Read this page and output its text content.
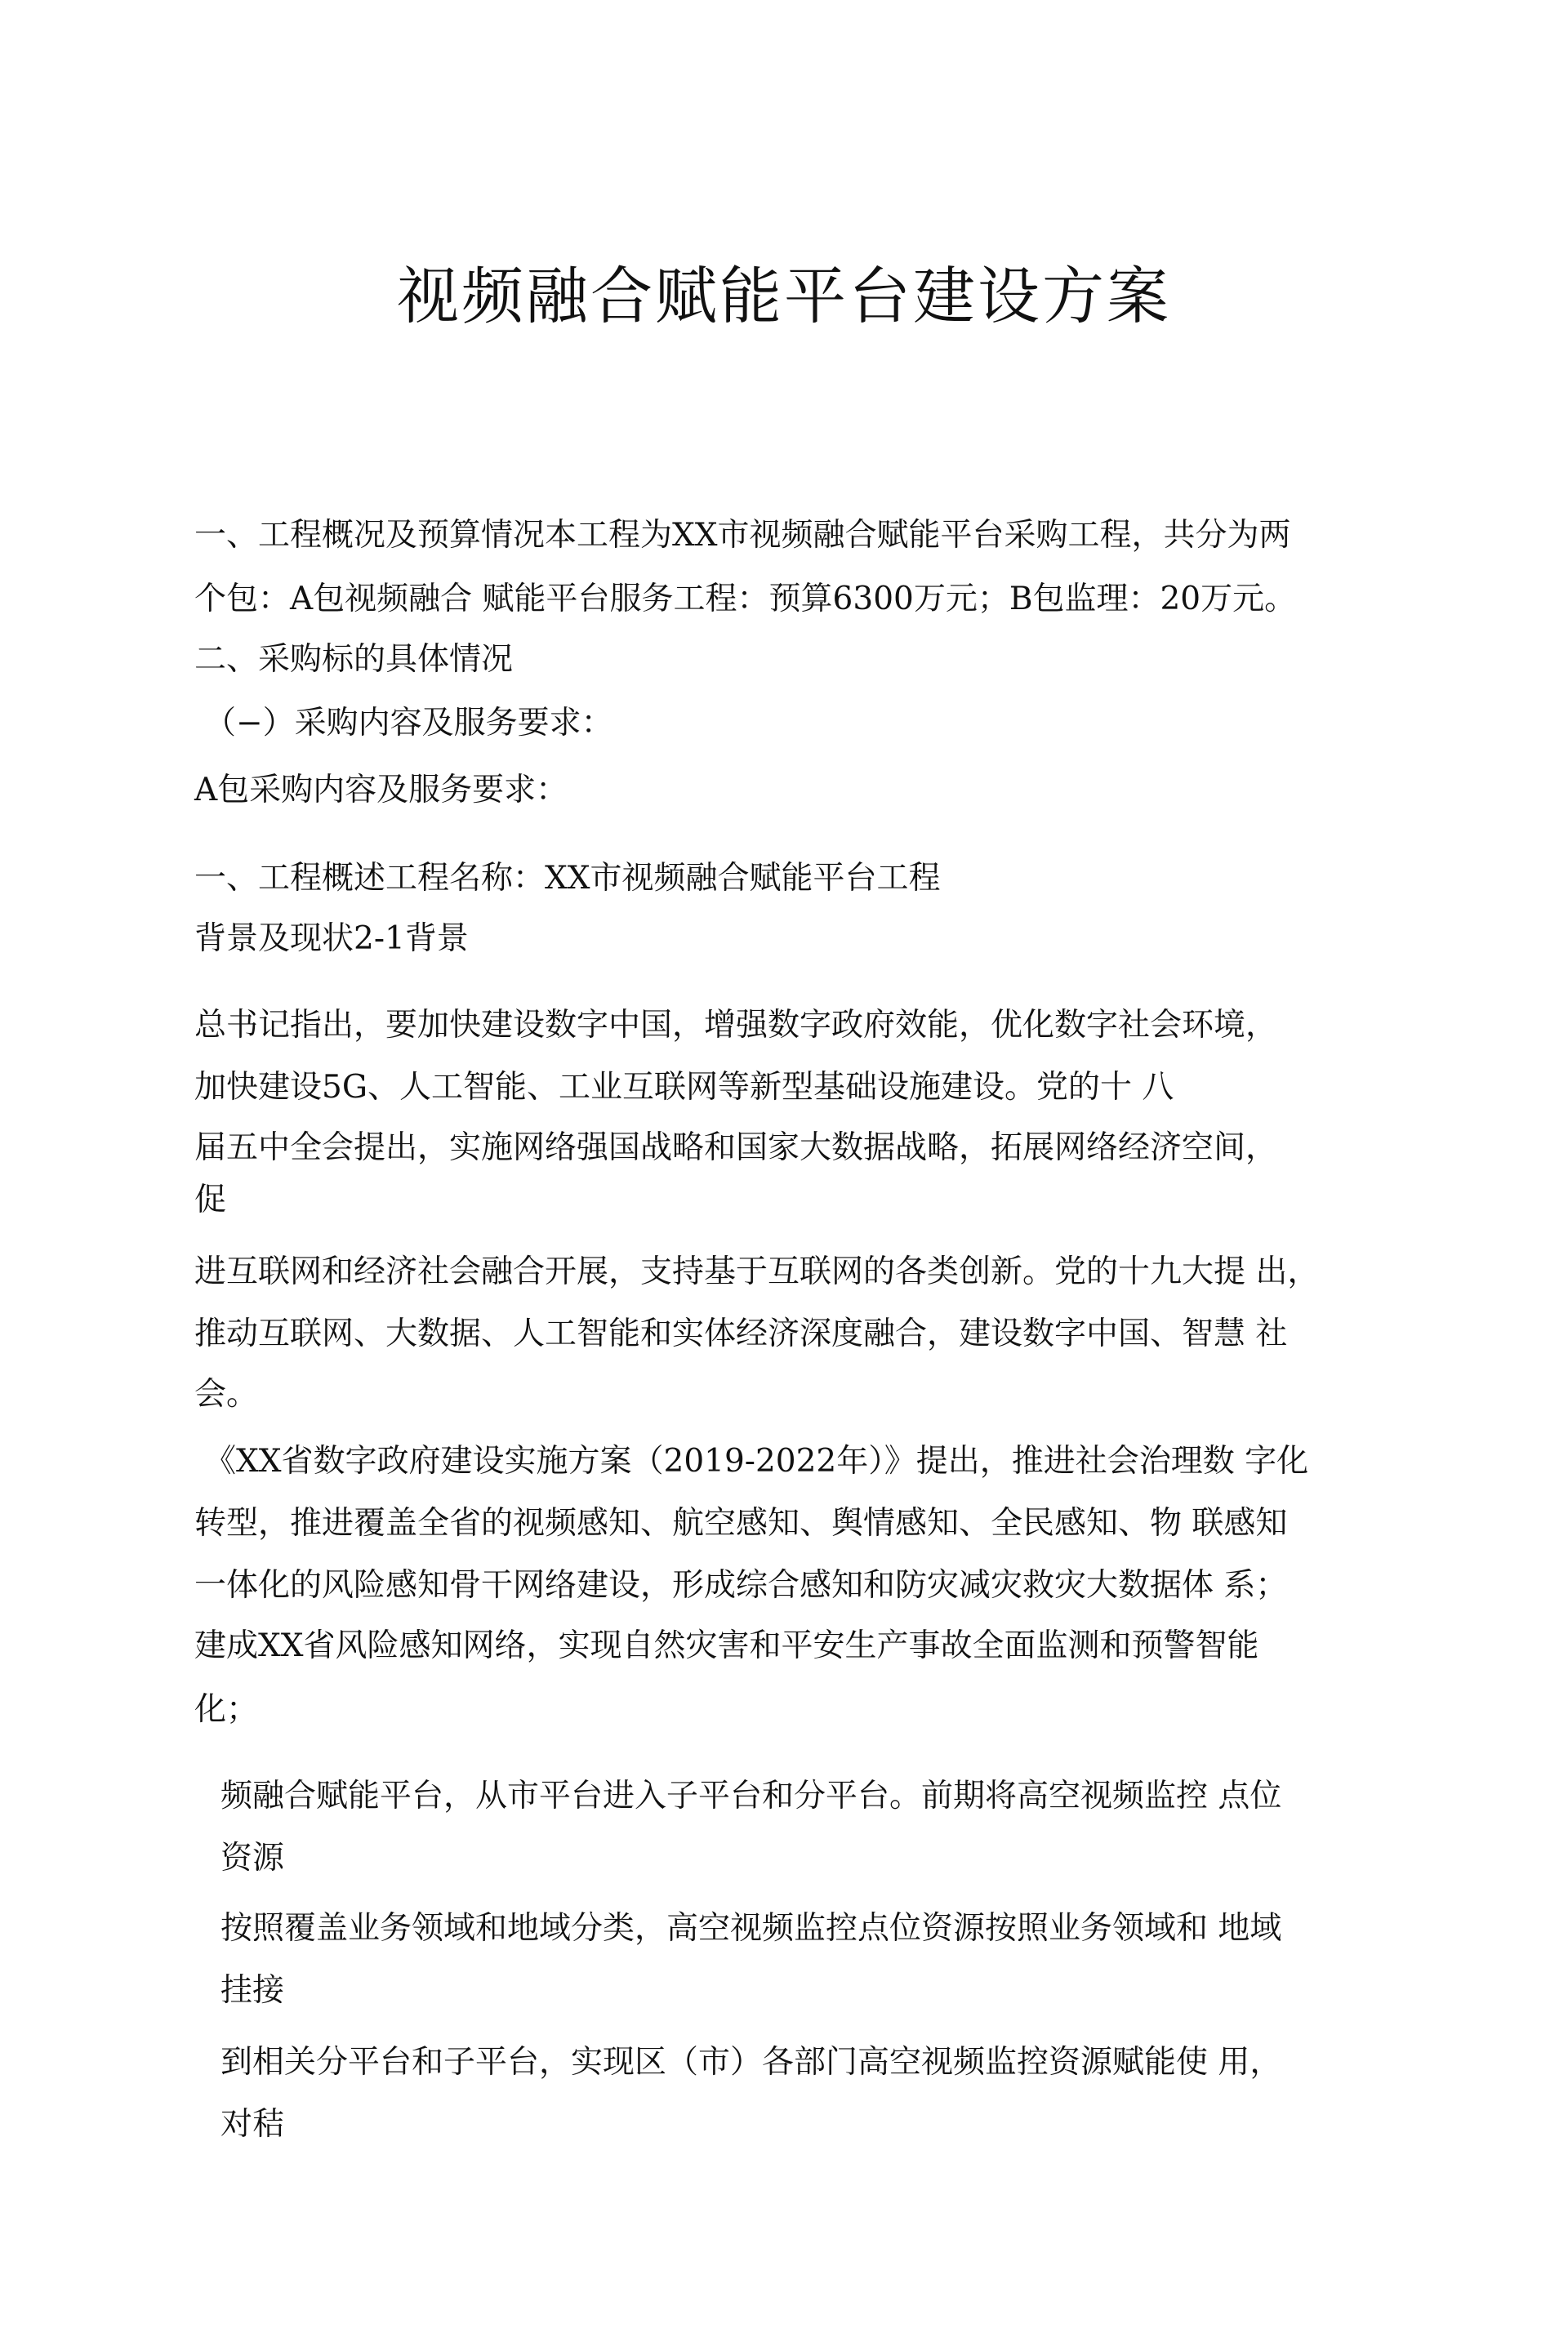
视频融合赋能平台建设方案
一、工程概况及预算情况本工程为XX市视频融合赋能平台采购工程，共分为两
个包：A包视频融合 赋能平台服务工程：预算6300万元；B包监理：20万元。
二、采购标的具体情况
（−）采购内容及服务要求：
A包采购内容及服务要求：
一、工程概述工程名称：XX市视频融合赋能平台工程
背景及现状2-1背景
总书记指出，要加快建设数字中国，增强数字政府效能，优化数字社会环境，
加快建设5G、人工智能、工业互联网等新型基础设施建设。党的十 八
届五中全会提出，实施网络强国战略和国家大数据战略，拓展网络经济空间，
促
进互联网和经济社会融合开展，支持基于互联网的各类创新。党的十九大提 出，
推动互联网、大数据、人工智能和实体经济深度融合，建设数字中国、智慧 社
会。
《XX省数字政府建设实施方案（2019-2022年）》提出，推进社会治理数 字化
转型，推进覆盖全省的视频感知、航空感知、舆情感知、全民感知、物 联感知
一体化的风险感知骨干网络建设，形成综合感知和防灾减灾救灾大数据体 系；
建成XX省风险感知网络，实现自然灾害和平安生产事故全面监测和预警智能
化；
频融合赋能平台，从市平台进入子平台和分平台。前期将高空视频监控 点位
资源
按照覆盖业务领域和地域分类，高空视频监控点位资源按照业务领域和 地域
挂接
到相关分平台和子平台，实现区（市）各部门高空视频监控资源赋能使 用，
对秸
